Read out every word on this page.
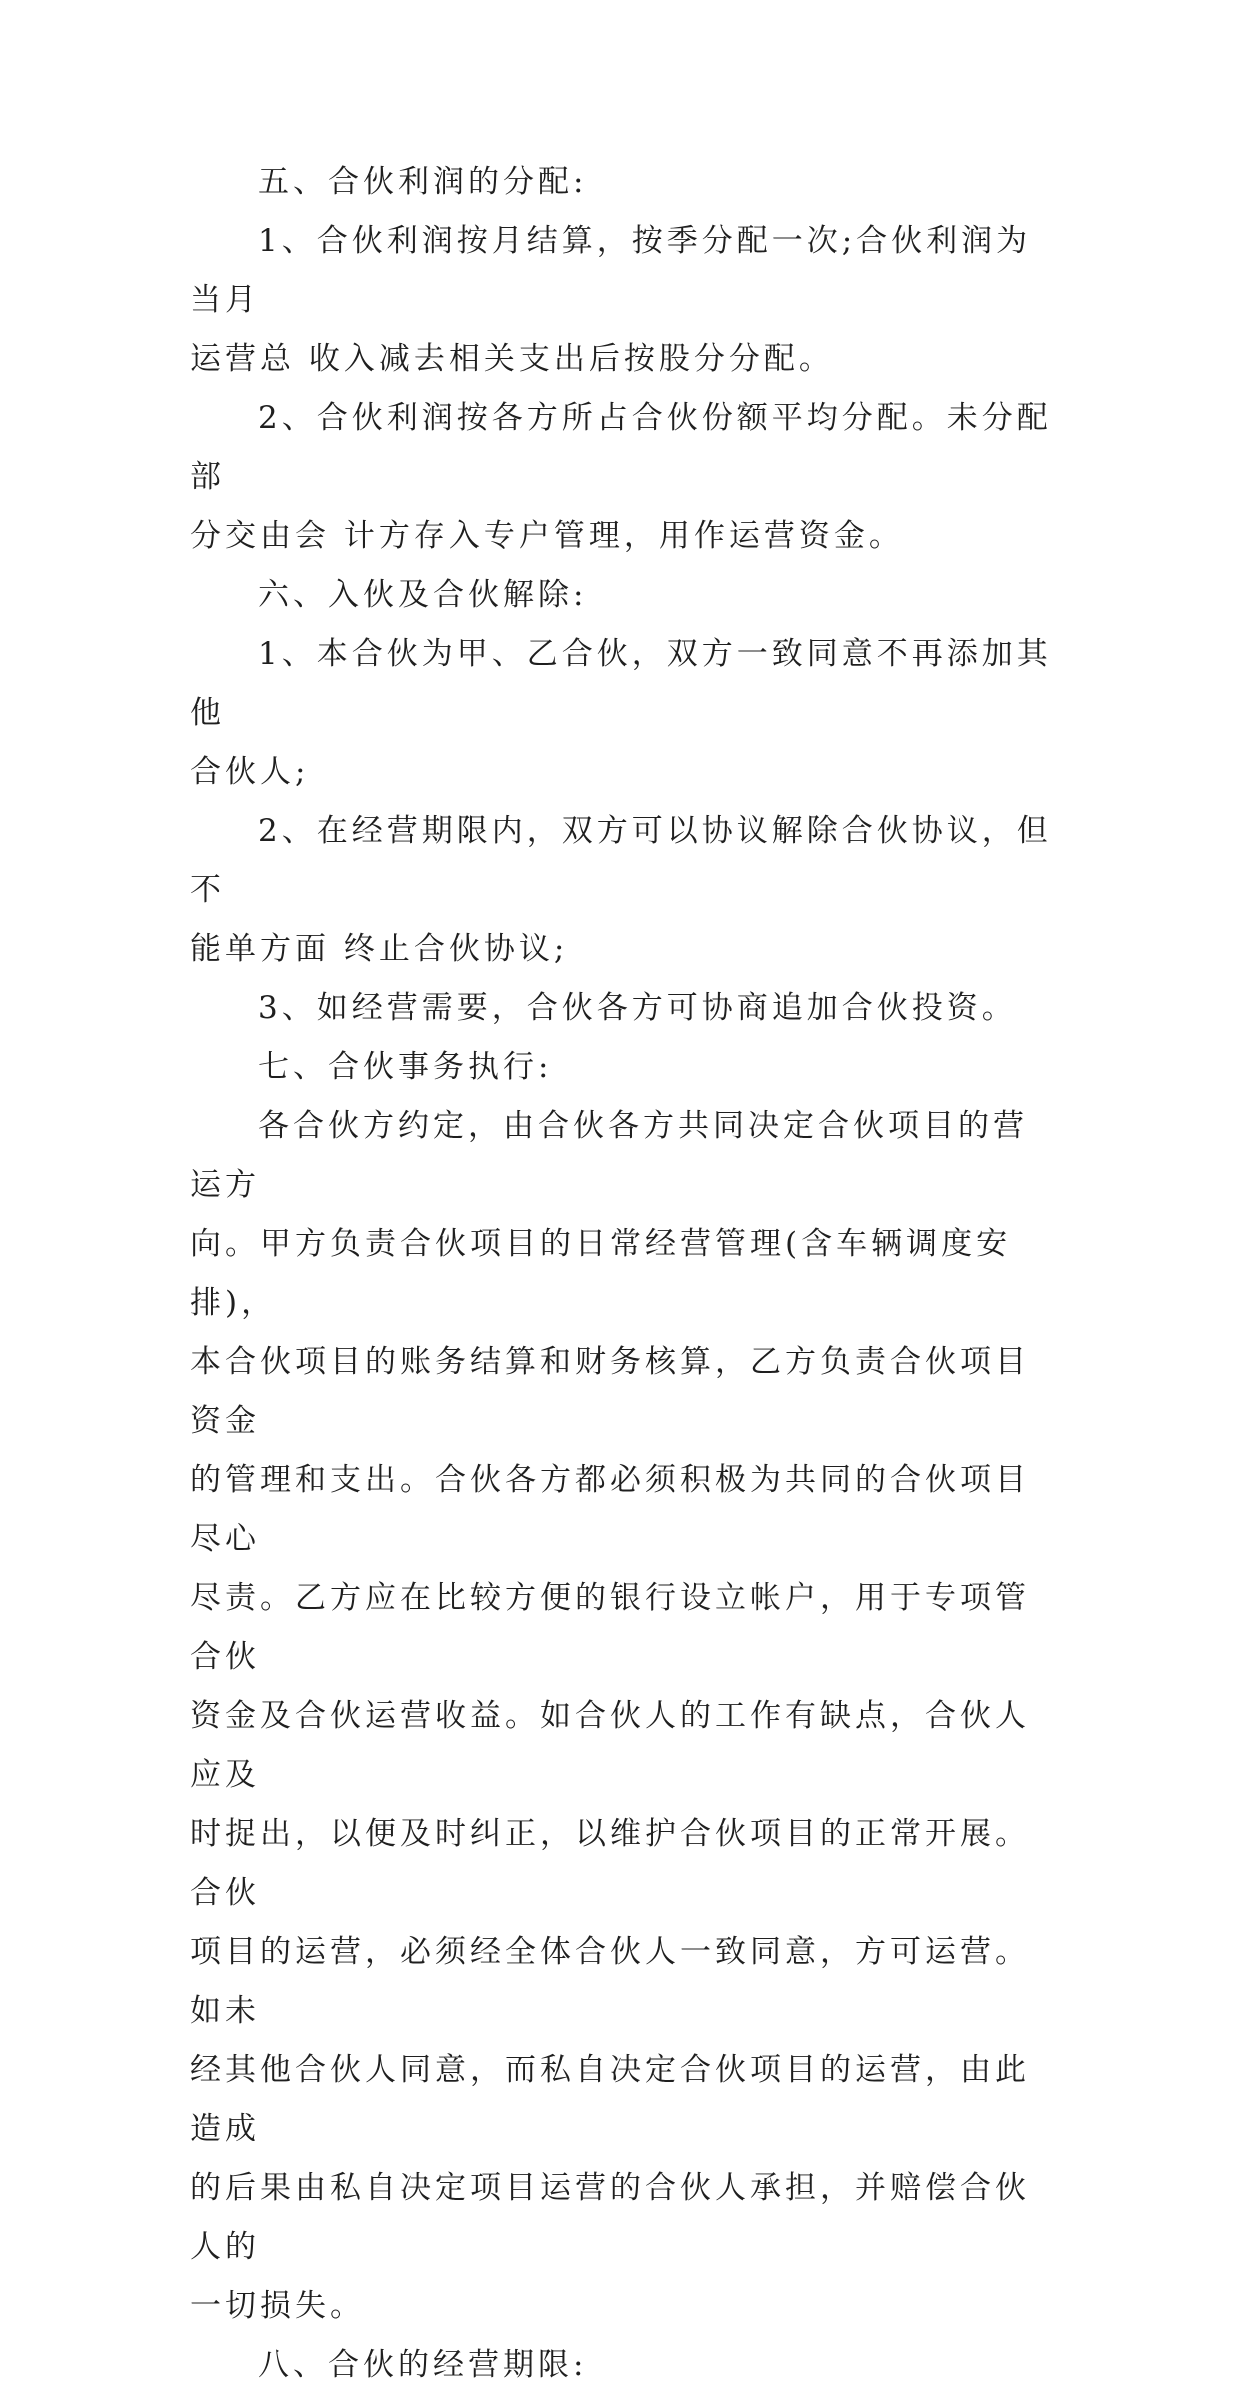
五、合伙利润的分配:

1、合伙利润按月结算，按季分配一次;合伙利润为当月
运营总 收入减去相关支出后按股分分配。

2、合伙利润按各方所占合伙份额平均分配。未分配部
分交由会 计方存入专户管理，用作运营资金。

六、入伙及合伙解除:

1、本合伙为甲、乙合伙，双方一致同意不再添加其他
合伙人;

2、在经营期限内，双方可以协议解除合伙协议，但不
能单方面 终止合伙协议;

3、如经营需要，合伙各方可协商追加合伙投资。

七、合伙事务执行:

各合伙方约定，由合伙各方共同决定合伙项目的营运方
向。甲方负责合伙项目的日常经营管理(含车辆调度安排)，
本合伙项目的账务结算和财务核算，乙方负责合伙项目资金
的管理和支出。合伙各方都必须积极为共同的合伙项目尽心
尽责。乙方应在比较方便的银行设立帐户，用于专项管合伙
资金及合伙运营收益。如合伙人的工作有缺点，合伙人应及
时捉出，以便及时纠正，以维护合伙项目的正常开展。合伙
项目的运营，必须经全体合伙人一致同意，方可运营。如未
经其他合伙人同意，而私自决定合伙项目的运营，由此造成
的后果由私自决定项目运营的合伙人承担，并赔偿合伙人的
一切损失。

八、合伙的经营期限:
